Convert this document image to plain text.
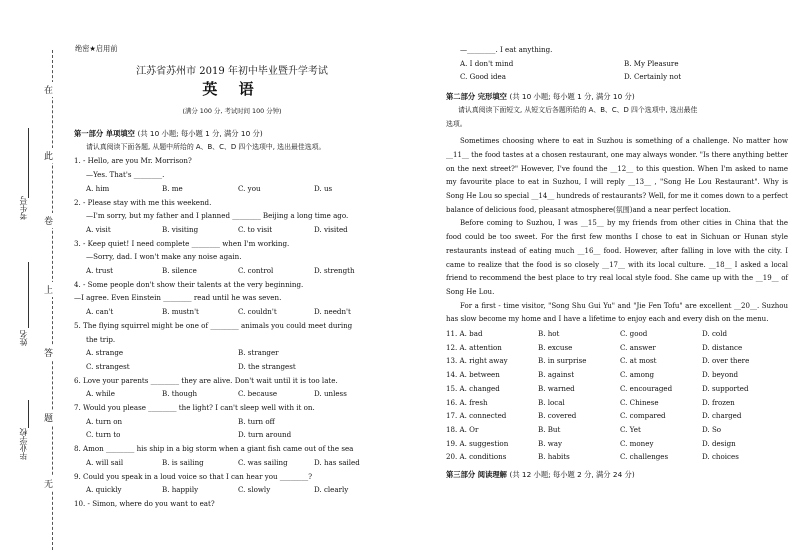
在
此
卷
上
答
题
无
考生号
姓名
毕业学校
绝密★启用前
江苏省苏州市 2019 年初中毕业暨升学考试
英 语
(满分 100 分, 考试时间 100 分钟)
第一部分 单项填空 (共 10 小题; 每小题 1 分, 满分 10 分)
请认真阅读下面各题, 从题中所给的 A、B、C、D 四个选项中, 选出最佳选项。
1. - Hello, are you Mr. Morrison?
—Yes. That's ________.
A. him	B. me	C. you	D. us
2. - Please stay with me this weekend.
—I'm sorry, but my father and I planned ________ Beijing a long time ago.
A. visit	B. visiting	C. to visit	D. visited
3. - Keep quiet! I need complete ________ when I'm working.
—Sorry, dad. I won't make any noise again.
A. trust	B. silence	C. control	D. strength
4. - Some people don't show their talents at the very beginning.
—I agree. Even Einstein ________ read until he was seven.
A. can't	B. mustn't	C. couldn't	D. needn't
5. The flying squirrel might be one of ________ animals you could meet during
the trip.
A. strange	B. stranger
C. strangest	D. the strangest
6. Love your parents ________ they are alive. Don't wait until it is too late.
A. while	B. though	C. because	D. unless
7. Would you please ________ the light? I can't sleep well with it on.
A. turn on	B. turn off
C. turn to	D. turn around
8. Amon ________ his ship in a big storm when a giant fish came out of the sea
A. will sail	B. is sailing	C. was sailing	D. has sailed
9. Could you speak in a loud voice so that I can hear you ________?
A. quickly	B. happily	C. slowly	D. clearly
10. - Simon, where do you want to eat?
—________. I eat anything.
A. I don't mind	B. My Pleasure
C. Good idea	D. Certainly not
第二部分 完形填空 (共 10 小题; 每小题 1 分, 满分 10 分)
请认真阅读下面短文, 从短文后各题所给的 A、B、C、D 四个选项中, 选出最佳
选项。
Sometimes choosing where to eat in Suzhou is something of a challenge. No matter how __11__ the food tastes at a chosen restaurant, one may always wonder. "Is there anything better on the next street?" However, I've found the __12__ to this question. When I'm asked to name my favourite place to eat in Suzhou, I will reply __13__ , "Song He Lou Restaurant". Why is Song He Lou so special __14__ hundreds of restaurants? Well, for me it comes down to a perfect balance of delicious food, pleasant atmosphere(氛围)and a near perfect location.
Before coming to Suzhou, I was __15__ by my friends from other cities in China that the food could be too sweet. For the first few months I chose to eat in Sichuan or Hunan style restaurants instead of eating much __16__ food. However, after falling in love with the city. I came to realize that the food is so closely __17__ with its local culture. __18__ I asked a local friend to recommend the best place to try real local style food. She came up with the __19__ of Song He Lou.
For a first - time visitor, "Song Shu Gui Yu" and "Jie Fen Tofu" are excellent __20__. Suzhou has slow become my home and I have a lifetime to enjoy each and every dish on the menu.
11. A. bad	B. hot	C. good	D. cold
12. A. attention	B. excuse	C. answer	D. distance
13. A. right away	B. in surprise	C. at most	D. over there
14. A. between	B. against	C. among	D. beyond
15. A. changed	B. warned	C. encouraged	D. supported
16. A. fresh	B. local	C. Chinese	D. frozen
17. A. connected	B. covered	C. compared	D. charged
18. A. Or	B. But	C. Yet	D. So
19. A. suggestion	B. way	C. money	D. design
20. A. conditions	B. habits	C. challenges	D. choices
第三部分 阅读理解 (共 12 小题; 每小题 2 分, 满分 24 分)
